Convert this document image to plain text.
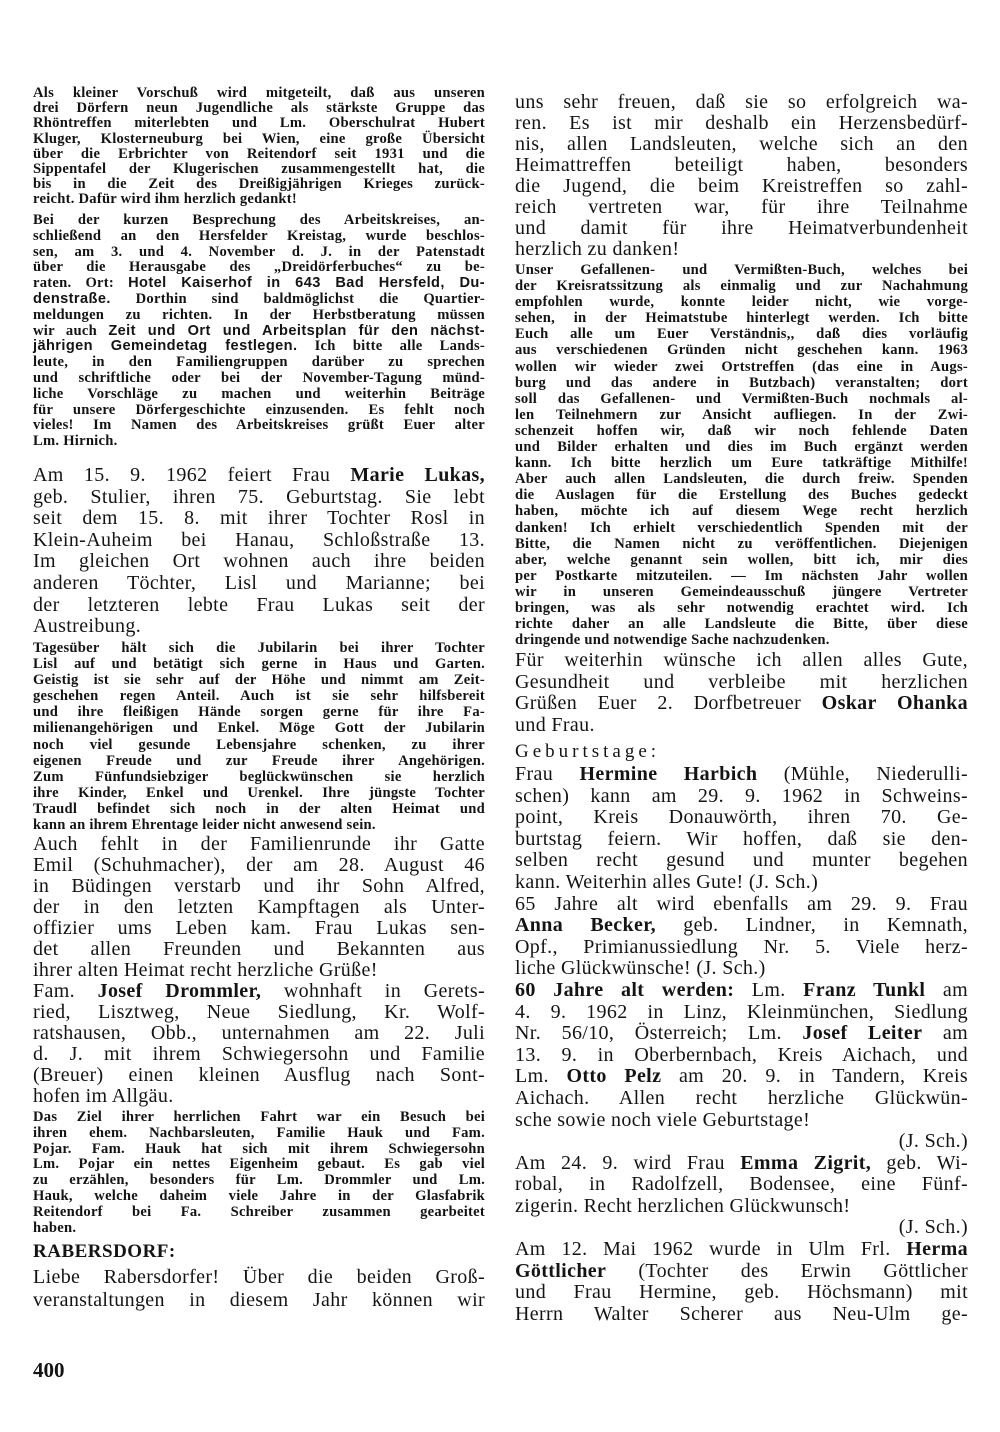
Als kleiner Vorschuß wird mitgeteilt, daß aus unseren
drei Dörfern neun Jugendliche als stärkste Gruppe das
Rhöntreffen miterlebten und Lm. Oberschulrat Hubert
Kluger, Klosterneuburg bei Wien, eine große Übersicht
über die Erbrichter von Reitendorf seit 1931 und die
Sippentafel der Klugerischen zusammengestellt hat, die
bis in die Zeit des Dreißigjährigen Krieges zurück-
reicht. Dafür wird ihm herzlich gedankt!
Bei der kurzen Besprechung des Arbeitskreises, an-
schließend an den Hersfelder Kreistag, wurde beschlos-
sen, am 3. und 4. November d. J. in der Patenstadt
über die Herausgabe des „Dreidörferbuches“ zu be-
raten. Ort: Hotel Kaiserhof in 643 Bad Hersfeld, Du-
denstraße. Dorthin sind baldmöglichst die Quartier-
meldungen zu richten. In der Herbstberatung müssen
wir auch Zeit und Ort und Arbeitsplan für den nächst-
jährigen Gemeindetag festlegen. Ich bitte alle Lands-
leute, in den Familiengruppen darüber zu sprechen
und schriftliche oder bei der November-Tagung münd-
liche Vorschläge zu machen und weiterhin Beiträge
für unsere Dörfergeschichte einzusenden. Es fehlt noch
vieles! Im Namen des Arbeitskreises grüßt Euer alter
Lm. Hirnich.
Am 15. 9. 1962 feiert Frau Marie Lukas,
geb. Stulier, ihren 75. Geburtstag. Sie lebt
seit dem 15. 8. mit ihrer Tochter Rosl in
Klein-Auheim bei Hanau, Schloßstraße 13.
Im gleichen Ort wohnen auch ihre beiden
anderen Töchter, Lisl und Marianne; bei
der letzteren lebte Frau Lukas seit der
Austreibung.
Tagesüber hält sich die Jubilarin bei ihrer Tochter
Lisl auf und betätigt sich gerne in Haus und Garten.
Geistig ist sie sehr auf der Höhe und nimmt am Zeit-
geschehen regen Anteil. Auch ist sie sehr hilfsbereit
und ihre fleißigen Hände sorgen gerne für ihre Fa-
milienangehörigen und Enkel. Möge Gott der Jubilarin
noch viel gesunde Lebensjahre schenken, zu ihrer
eigenen Freude und zur Freude ihrer Angehörigen.
Zum Fünfundsiebziger beglückwünschen sie herzlich
ihre Kinder, Enkel und Urenkel. Ihre jüngste Tochter
Traudl befindet sich noch in der alten Heimat und
kann an ihrem Ehrentage leider nicht anwesend sein.
Auch fehlt in der Familienrunde ihr Gatte
Emil (Schuhmacher), der am 28. August 46
in Büdingen verstarb und ihr Sohn Alfred,
der in den letzten Kampftagen als Unter-
offizier ums Leben kam. Frau Lukas sen-
det allen Freunden und Bekannten aus
ihrer alten Heimat recht herzliche Grüße!
Fam. Josef Drommler, wohnhaft in Gerets-
ried, Lisztweg, Neue Siedlung, Kr. Wolf-
ratshausen, Obb., unternahmen am 22. Juli
d. J. mit ihrem Schwiegersohn und Familie
(Breuer) einen kleinen Ausflug nach Sont-
hofen im Allgäu.
Das Ziel ihrer herrlichen Fahrt war ein Besuch bei
ihren ehem. Nachbarsleuten, Familie Hauk und Fam.
Pojar. Fam. Hauk hat sich mit ihrem Schwiegersohn
Lm. Pojar ein nettes Eigenheim gebaut. Es gab viel
zu erzählen, besonders für Lm. Drommler und Lm.
Hauk, welche daheim viele Jahre in der Glasfabrik
Reitendorf bei Fa. Schreiber zusammen gearbeitet
haben.
RABERSDORF:
Liebe Rabersdorfer! Über die beiden Groß-
veranstaltungen in diesem Jahr können wir
uns sehr freuen, daß sie so erfolgreich wa-
ren. Es ist mir deshalb ein Herzensbedürf-
nis, allen Landsleuten, welche sich an den
Heimattreffen beteiligt haben, besonders
die Jugend, die beim Kreistreffen so zahl-
reich vertreten war, für ihre Teilnahme
und damit für ihre Heimatverbundenheit
herzlich zu danken!
Unser Gefallenen- und Vermißten-Buch, welches bei
der Kreisratssitzung als einmalig und zur Nachahmung
empfohlen wurde, konnte leider nicht, wie vorge-
sehen, in der Heimatstube hinterlegt werden. Ich bitte
Euch alle um Euer Verständnis,, daß dies vorläufig
aus verschiedenen Gründen nicht geschehen kann. 1963
wollen wir wieder zwei Ortstreffen (das eine in Augs-
burg und das andere in Butzbach) veranstalten; dort
soll das Gefallenen- und Vermißten-Buch nochmals al-
len Teilnehmern zur Ansicht aufliegen. In der Zwi-
schenzeit hoffen wir, daß wir noch fehlende Daten
und Bilder erhalten und dies im Buch ergänzt werden
kann. Ich bitte herzlich um Eure tatkräftige Mithilfe!
Aber auch allen Landsleuten, die durch freiw. Spenden
die Auslagen für die Erstellung des Buches gedeckt
haben, möchte ich auf diesem Wege recht herzlich
danken! Ich erhielt verschiedentlich Spenden mit der
Bitte, die Namen nicht zu veröffentlichen. Diejenigen
aber, welche genannt sein wollen, bitt ich, mir dies
per Postkarte mitzuteilen. — Im nächsten Jahr wollen
wir in unseren Gemeindeausschuß jüngere Vertreter
bringen, was als sehr notwendig erachtet wird. Ich
richte daher an alle Landsleute die Bitte, über diese
dringende und notwendige Sache nachzudenken.
Für weiterhin wünsche ich allen alles Gute,
Gesundheit und verbleibe mit herzlichen
Grüßen Euer 2. Dorfbetreuer Oskar Ohanka
und Frau.
Geburtstage:
Frau Hermine Harbich (Mühle, Niederulli-
schen) kann am 29. 9. 1962 in Schweins-
point, Kreis Donauwörth, ihren 70. Ge-
burtstag feiern. Wir hoffen, daß sie den-
selben recht gesund und munter begehen
kann. Weiterhin alles Gute! (J. Sch.)
65 Jahre alt wird ebenfalls am 29. 9. Frau
Anna Becker, geb. Lindner, in Kemnath,
Opf., Primianussiedlung Nr. 5. Viele herz-
liche Glückwünsche! (J. Sch.)
60 Jahre alt werden: Lm. Franz Tunkl am
4. 9. 1962 in Linz, Kleinmünchen, Siedlung
Nr. 56/10, Österreich; Lm. Josef Leiter am
13. 9. in Oberbernbach, Kreis Aichach, und
Lm. Otto Pelz am 20. 9. in Tandern, Kreis
Aichach. Allen recht herzliche Glückwün-
sche sowie noch viele Geburtstage!
(J. Sch.)
Am 24. 9. wird Frau Emma Zigrit, geb. Wi-
robal, in Radolfzell, Bodensee, eine Fünf-
zigerin. Recht herzlichen Glückwunsch!
(J. Sch.)
Am 12. Mai 1962 wurde in Ulm Frl. Herma
Göttlicher (Tochter des Erwin Göttlicher
und Frau Hermine, geb. Höchsmann) mit
Herrn Walter Scherer aus Neu-Ulm ge-
400
